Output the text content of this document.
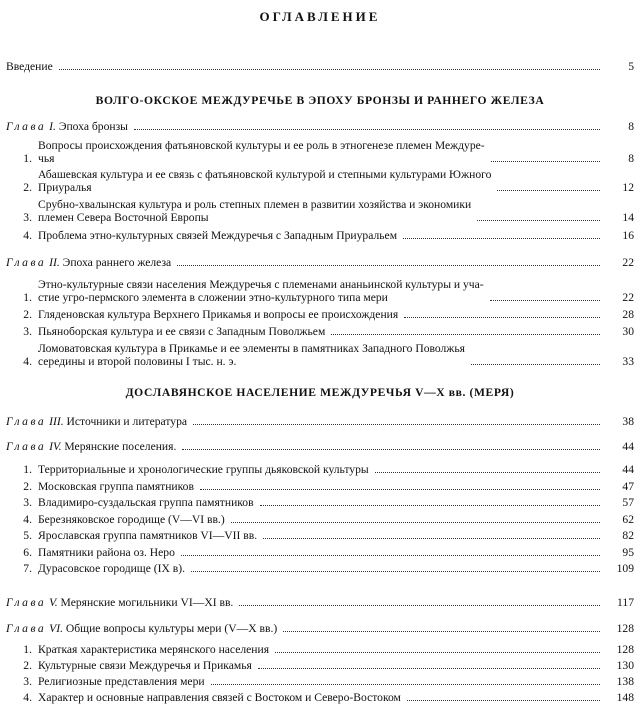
ОГЛАВЛЕНИЕ
Введение	5
ВОЛГО-ОКСКОЕ МЕЖДУРЕЧЬЕ В ЭПОХУ БРОНЗЫ И РАННЕГО ЖЕЛЕЗА
Глава I. Эпоха бронзы	8
1.
Вопросы происхождения фатьяновской культуры и ее роль в этногенезе племен Междуре-
чья	8
2.
Абашевская культура и ее связь с фатьяновской культурой и степными культурами Южного
Приуралья	12
3.
Срубно-хвалынская культура и роль степных племен в развитии хозяйства и экономики
племен Севера Восточной Европы	14
4. Проблема этно-культурных связей Междуречья с Западным Приуральем	16
Глава II. Эпоха раннего железа	22
1.
Этно-культурные связи населения Междуречья с племенами ананьинской культуры и уча-
стие угро-пермского элемента в сложении этно-культурного типа мери	22
2. Гляденовская культура Верхнего Прикамья и вопросы ее происхождения	28
3. Пьяноборская культура и ее связи с Западным Поволжьем	30
4.
Ломоватовская культура в Прикамье и ее элементы в памятниках Западного Поволжья
середины и второй половины I тыс. н. э.	33
ДОСЛАВЯНСКОЕ НАСЕЛЕНИЕ МЕЖДУРЕЧЬЯ V—X вв. (МЕРЯ)
Глава III. Источники и литература	38
Глава IV. Мерянские поселения.	44
1. Территориальные и хронологические группы дьяковской культуры	44
2. Московская группа памятников	47
3. Владимиро-суздальская группа памятников	57
4. Березняковское городище (V—VI вв.)	62
5. Ярославская группа памятников VI—VII вв.	82
6. Памятники района оз. Неро	95
7. Дурасовское городище (IX в).	109
Глава V. Мерянские могильники VI—XI вв.	117
Глава VI. Общие вопросы культуры мери (V—X вв.)	128
1. Краткая характеристика мерянского населения	128
2. Культурные связи Междуречья и Прикамья	130
3. Религиозные представления мери	138
4. Характер и основные направления связей с Востоком и Северо-Востоком	148
